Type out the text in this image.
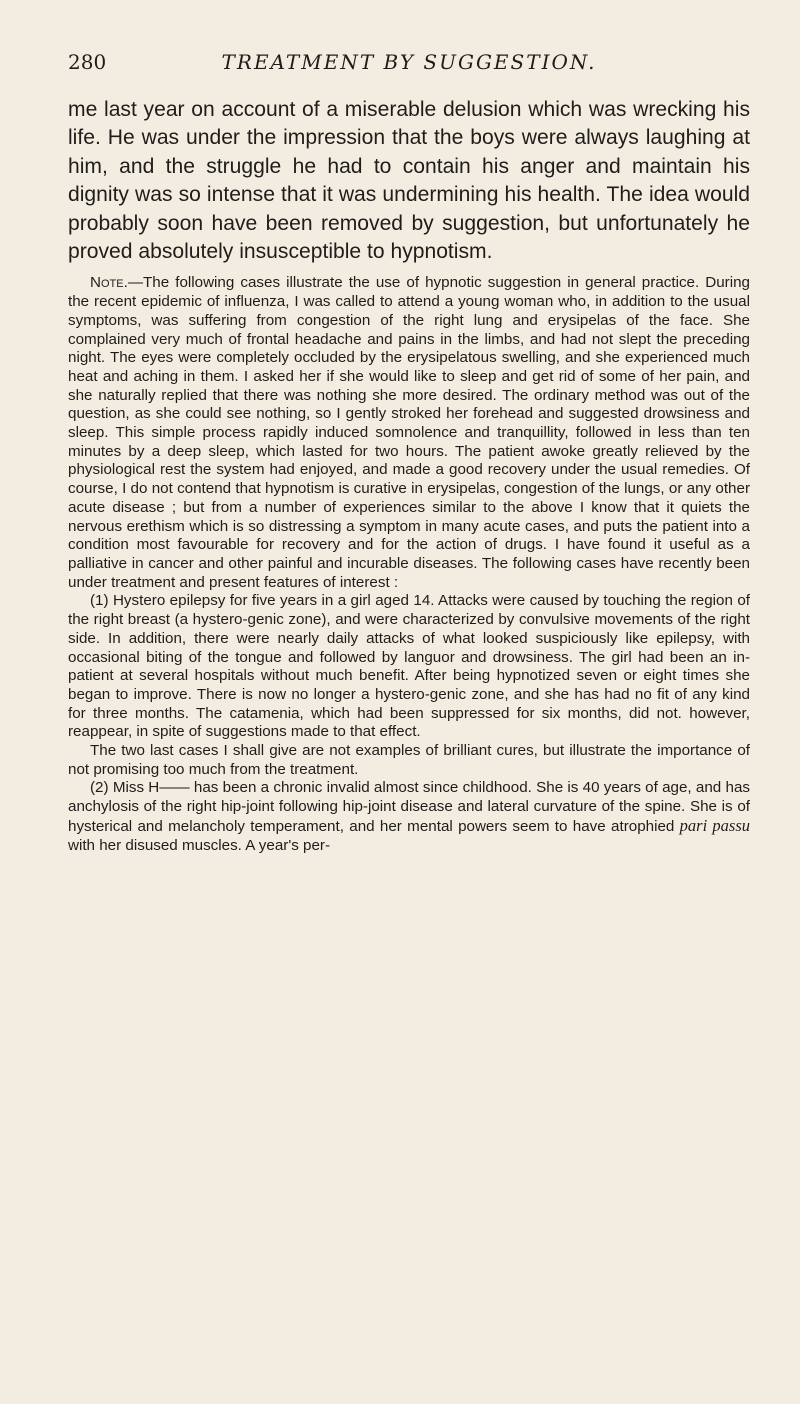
280	TREATMENT BY SUGGESTION.

me last year on account of a miserable delusion which was wrecking his life. He was under the impression that the boys were always laughing at him, and the struggle he had to contain his anger and maintain his dignity was so intense that it was undermining his health. The idea would probably soon have been removed by suggestion, but unfortunately he proved absolutely insusceptible to hypnotism.

Note.—The following cases illustrate the use of hypnotic suggestion in general practice. During the recent epidemic of influenza, I was called to attend a young woman who, in addition to the usual symptoms, was suffering from congestion of the right lung and erysipelas of the face. She complained very much of frontal headache and pains in the limbs, and had not slept the preceding night. The eyes were completely occluded by the erysipelatous swelling, and she experienced much heat and aching in them. I asked her if she would like to sleep and get rid of some of her pain, and she naturally replied that there was nothing she more desired. The ordinary method was out of the question, as she could see nothing, so I gently stroked her forehead and suggested drowsiness and sleep. This simple process rapidly induced somnolence and tranquillity, followed in less than ten minutes by a deep sleep, which lasted for two hours. The patient awoke greatly relieved by the physiological rest the system had enjoyed, and made a good recovery under the usual remedies. Of course, I do not contend that hypnotism is curative in erysipelas, congestion of the lungs, or any other acute disease ; but from a number of experiences similar to the above I know that it quiets the nervous erethism which is so distressing a symptom in many acute cases, and puts the patient into a condition most favourable for recovery and for the action of drugs. I have found it useful as a palliative in cancer and other painful and incurable diseases. The following cases have recently been under treatment and present features of interest :

(1) Hystero epilepsy for five years in a girl aged 14. Attacks were caused by touching the region of the right breast (a hystero-genic zone), and were characterized by convulsive movements of the right side. In addition, there were nearly daily attacks of what looked suspiciously like epilepsy, with occasional biting of the tongue and followed by languor and drowsiness. The girl had been an in-patient at several hospitals without much benefit. After being hypnotized seven or eight times she began to improve. There is now no longer a hystero-genic zone, and she has had no fit of any kind for three months. The catamenia, which had been suppressed for six months, did not. however, reappear, in spite of suggestions made to that effect.

The two last cases I shall give are not examples of brilliant cures, but illustrate the importance of not promising too much from the treatment.

(2) Miss H—— has been a chronic invalid almost since childhood. She is 40 years of age, and has anchylosis of the right hip-joint following hip-joint disease and lateral curvature of the spine. She is of hysterical and melancholy temperament, and her mental powers seem to have atrophied pari passu with her disused muscles. A year's per-
